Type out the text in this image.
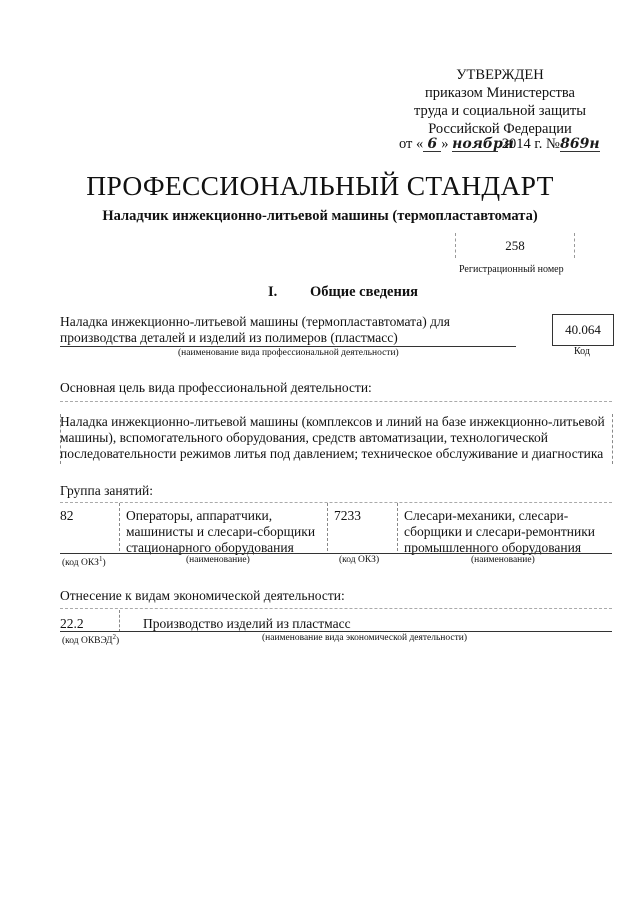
УТВЕРЖДЕН
приказом Министерства
труда и социальной защиты
Российской Федерации
от « 6 » ноября 2014 г. №869н
ПРОФЕССИОНАЛЬНЫЙ СТАНДАРТ
Наладчик инжекционно-литьевой машины (термопластавтомата)
258
Регистрационный номер
I. Общие сведения
Наладка инжекционно-литьевой машины (термопластавтомата) для
производства деталей и изделий из полимеров (пластмасс)
(наименование вида профессиональной деятельности)
40.064
Код
Основная цель вида профессиональной деятельности:
Наладка инжекционно-литьевой машины (комплексов и линий на базе инжекционно-литьевой
машины), вспомогательного оборудования, средств автоматизации, технологической
последовательности режимов литья под давлением; техническое обслуживание и диагностика
Группа занятий:
82	Операторы, аппаратчики,
машинисты и слесари-сборщики
стационарного оборудования
7233	Слесари-механики, слесари-
сборщики и слесари-ремонтники
промышленного оборудования
(код ОКЗ$^1$)	(наименование)	(код ОКЗ)	(наименование)
Отнесение к видам экономической деятельности:
22.2	Производство изделий из пластмасс
(код ОКВЭД$^2$)	(наименование вида экономической деятельности)
